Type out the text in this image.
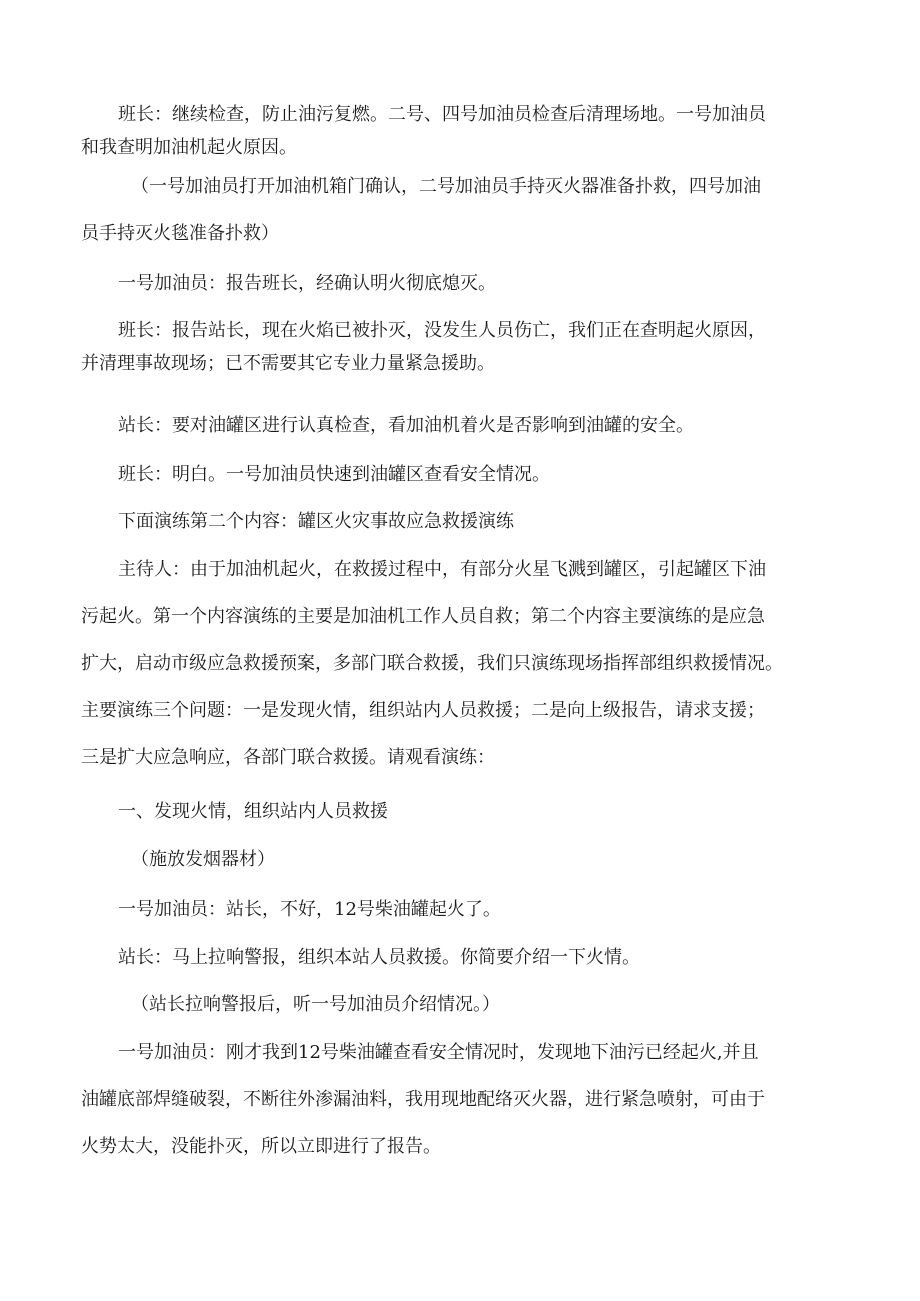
班长：继续检查，防止油污复燃。二号、四号加油员检查后清理场地。一号加油员
和我查明加油机起火原因。
（一号加油员打开加油机箱门确认，二号加油员手持灭火器准备扑救，四号加油
员手持灭火毯准备扑救）
一号加油员：报告班长，经确认明火彻底熄灭。
班长：报告站长，现在火焰已被扑灭，没发生人员伤亡，我们正在查明起火原因，
并清理事故现场；已不需要其它专业力量紧急援助。
站长：要对油罐区进行认真检查，看加油机着火是否影响到油罐的安全。
班长：明白。一号加油员快速到油罐区查看安全情况。
下面演练第二个内容：罐区火灾事故应急救援演练
主待人：由于加油机起火，在救援过程中，有部分火星飞溅到罐区，引起罐区下油
污起火。第一个内容演练的主要是加油机工作人员自救；第二个内容主要演练的是应急
扩大，启动市级应急救援预案，多部门联合救援，我们只演练现场指挥部组织救援情况。
主要演练三个问题：一是发现火情，组织站内人员救援；二是向上级报告，请求支援；
三是扩大应急响应，各部门联合救援。请观看演练：
一、发现火情，组织站内人员救援
（施放发烟器材）
一号加油员：站长，不好，12号柴油罐起火了。
站长：马上拉响警报，组织本站人员救援。你简要介绍一下火情。
（站长拉响警报后，听一号加油员介绍情况。）
一号加油员：刚才我到12号柴油罐查看安全情况时，发现地下油污已经起火,并且
油罐底部焊缝破裂，不断往外渗漏油料，我用现地配络灭火器，进行紧急喷射，可由于
火势太大，没能扑灭，所以立即进行了报告。
